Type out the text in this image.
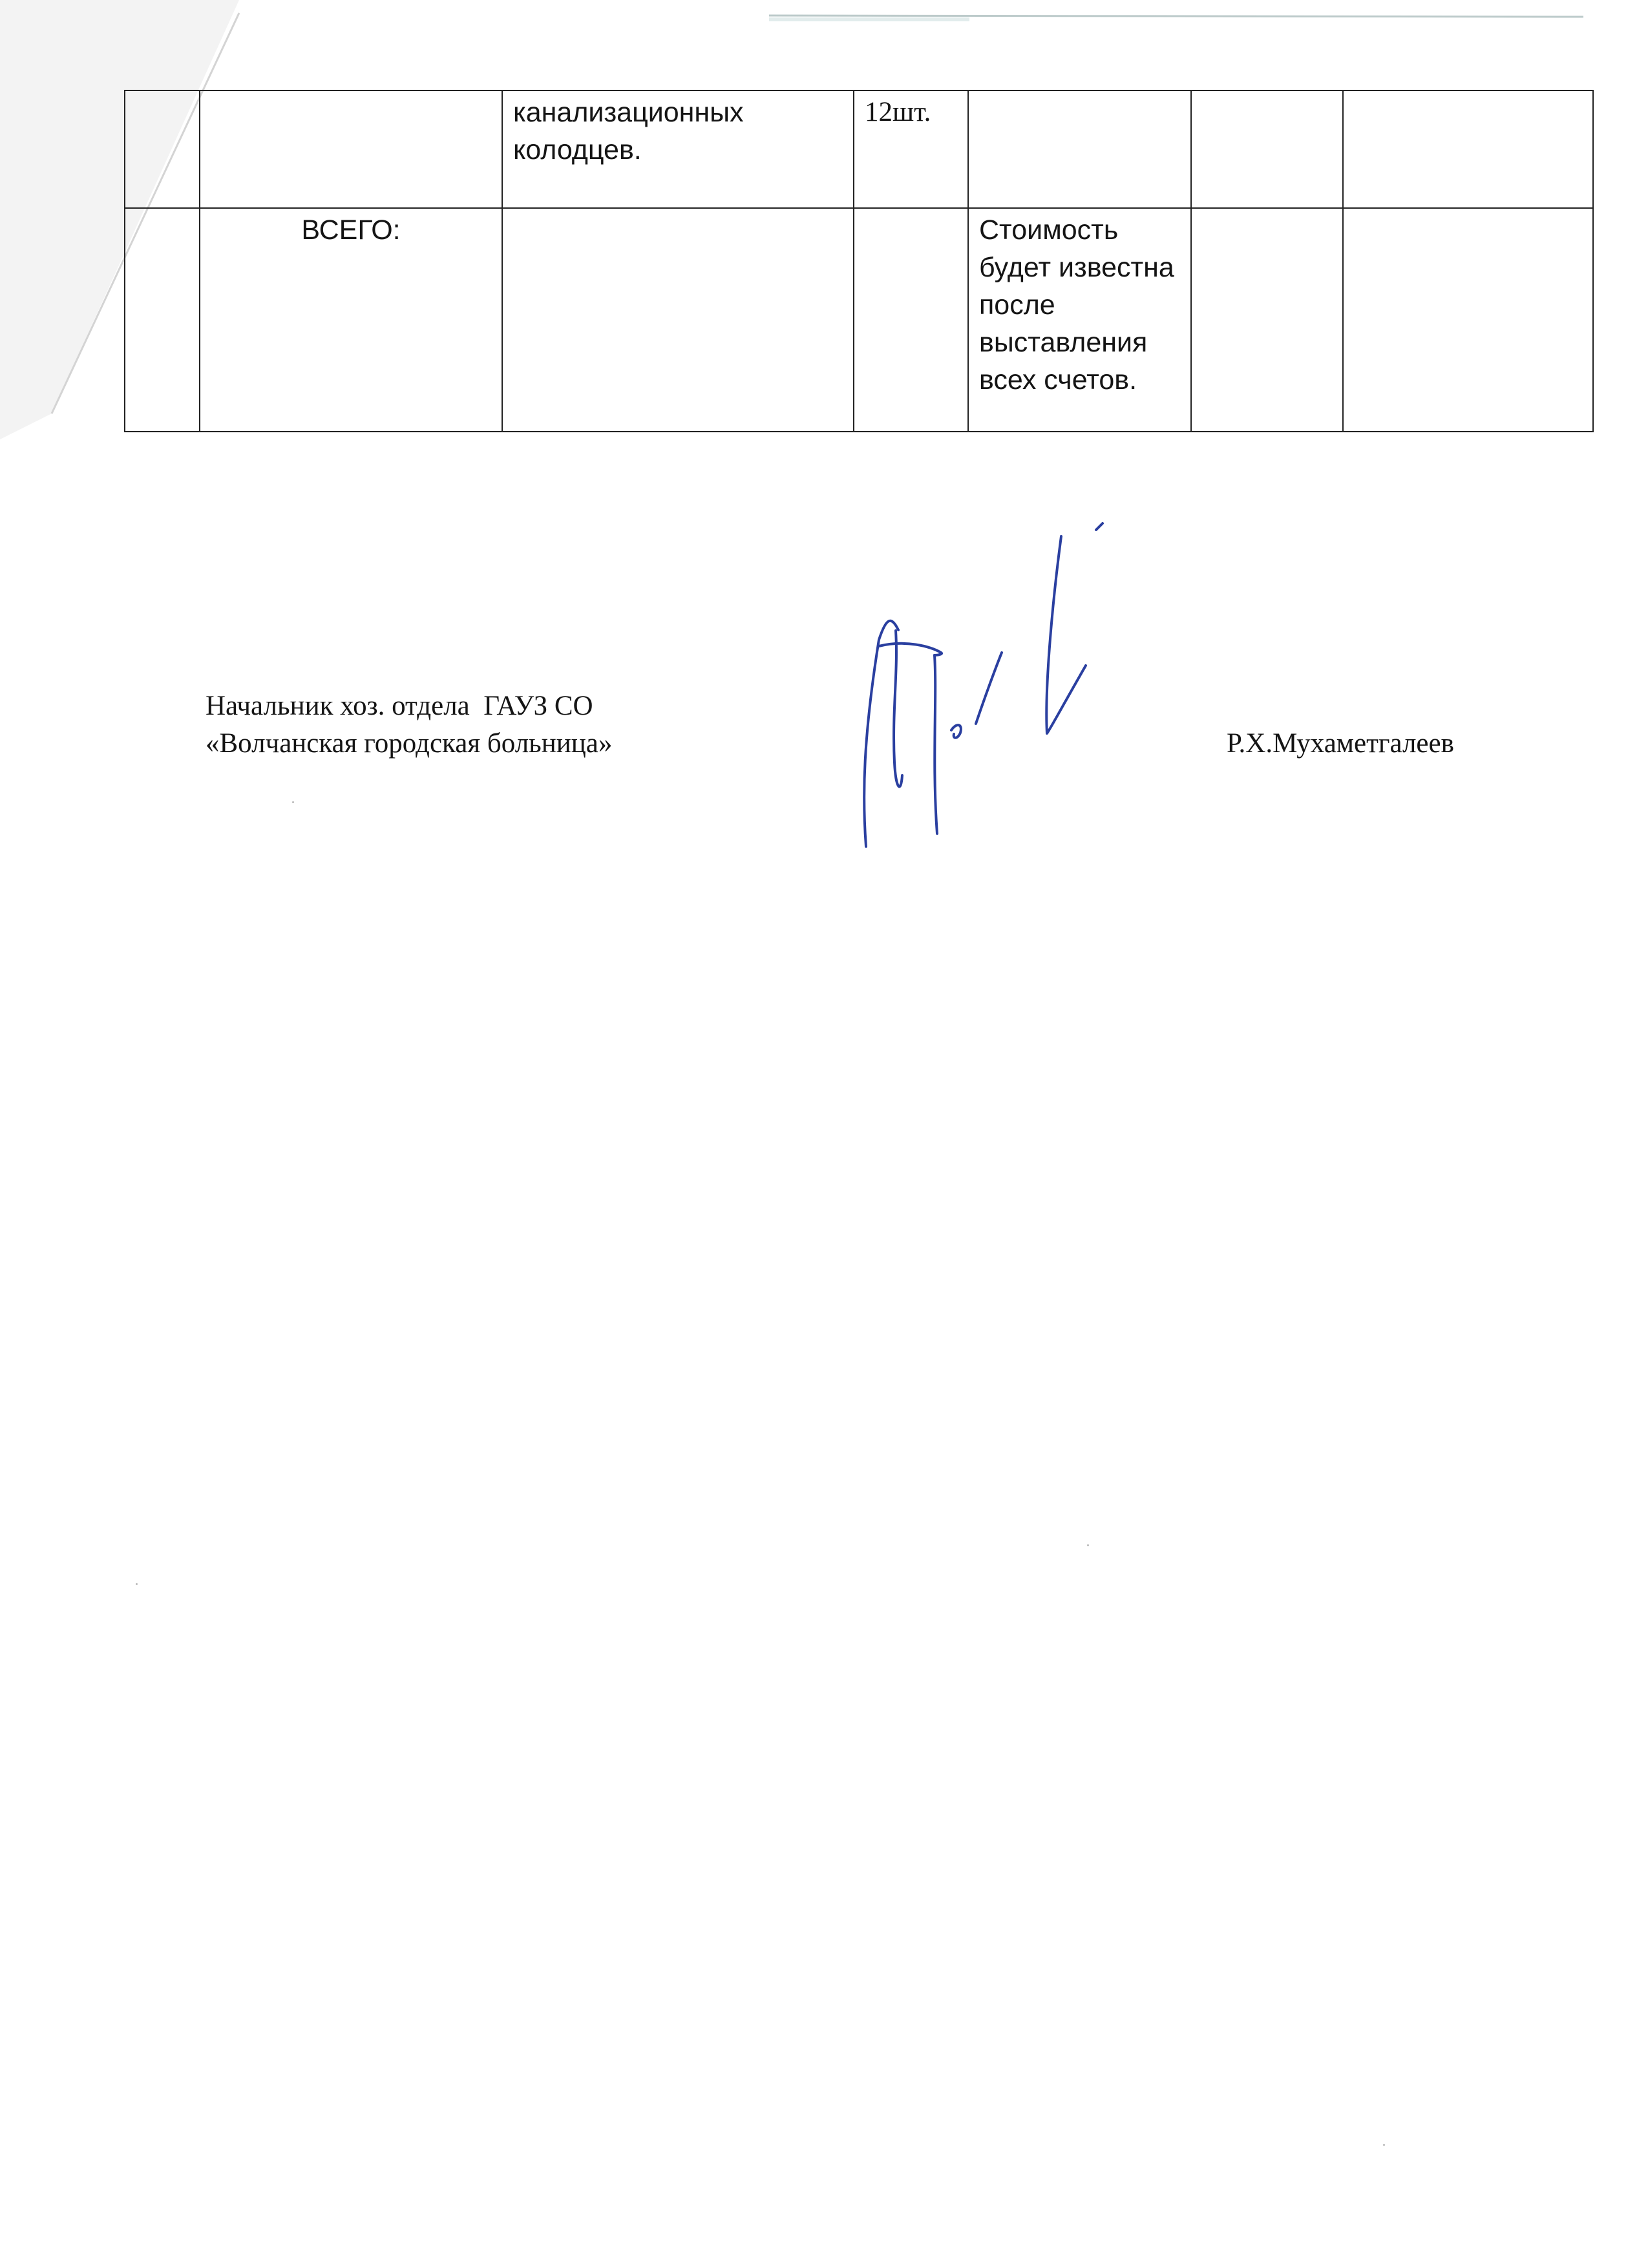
		канализационных колодцев.	12шт.			
	ВСЕГО:			Стоимость будет известна после выставления всех счетов.		
Начальник хоз. отдела  ГАУЗ СО
«Волчанская городская больница»	Р.Х.Мухаметгалеев
